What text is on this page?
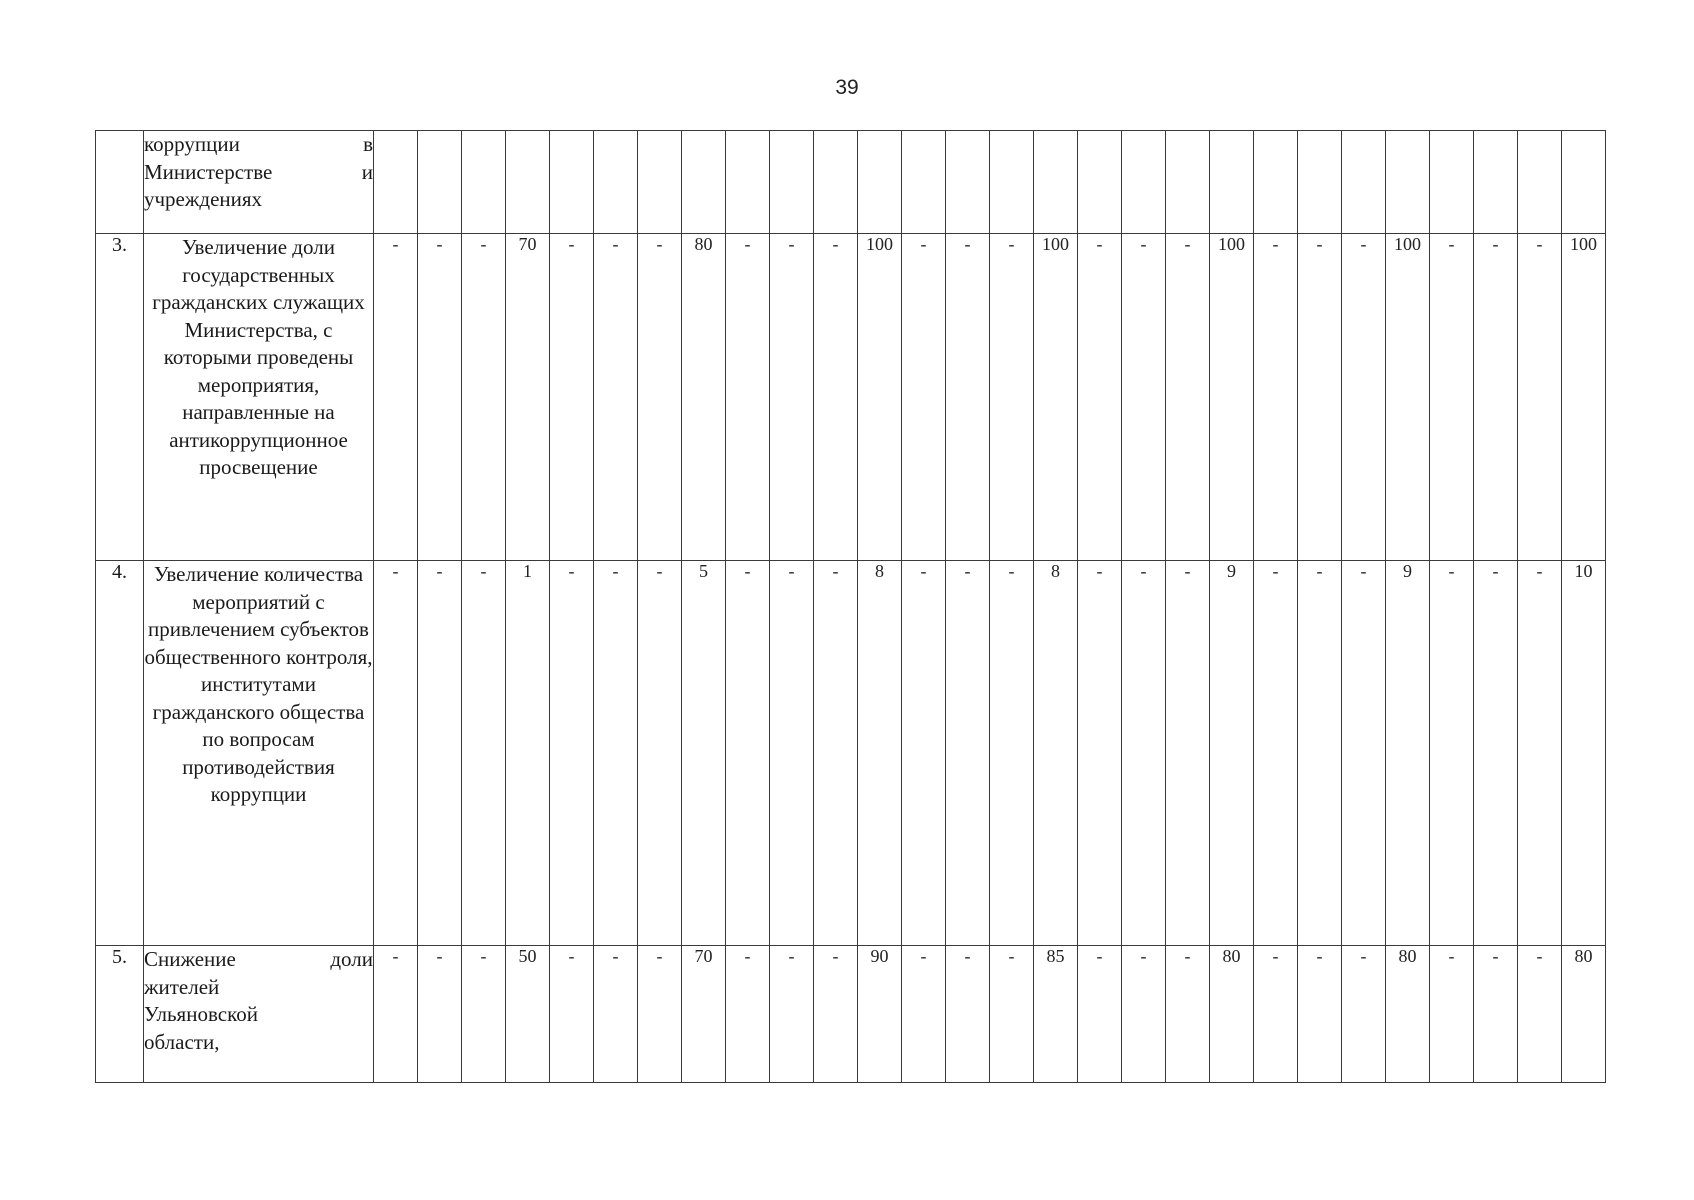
39

	коррупции в
Министерстве и
учреждениях																												

3.	Увеличение доли государственных гражданских служащих Министерства, с которыми проведены мероприятия, направленные на антикоррупционное просвещение	-	-	-	70	-	-	-	80	-	-	-	100	-	-	-	100	-	-	-	100	-	-	-	100	-	-	-	100
4.	Увеличение количества мероприятий с привлечением субъектов общественного контроля, институтами гражданского общества по вопросам противодействия коррупции	-	-	-	1	-	-	-	5	-	-	-	8	-	-	-	8	-	-	-	9	-	-	-	9	-	-	-	10
5.	Снижение доли
жителей
Ульяновской
области,	-	-	-	50	-	-	-	70	-	-	-	90	-	-	-	85	-	-	-	80	-	-	-	80	-	-	-	80
